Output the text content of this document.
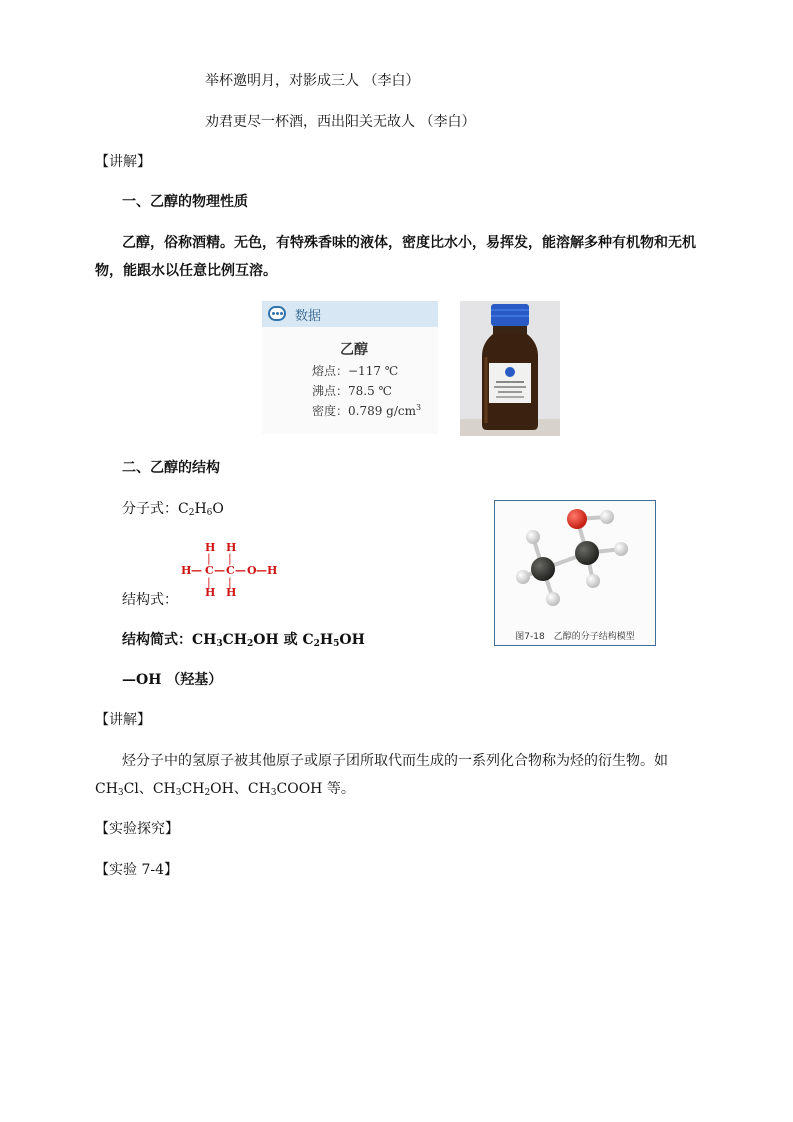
举杯邀明月，对影成三人 （李白）
劝君更尽一杯酒，西出阳关无故人 （李白）
【讲解】
一、乙醇的物理性质
乙醇，俗称酒精。无色，有特殊香味的液体，密度比水小，易挥发，能溶解多种有机物和无机
物，能跟水以任意比例互溶。
数据
乙醇
熔点：−117 ℃
沸点：78.5 ℃
密度：0.789 $g/cm^3$
二、乙醇的结构
分子式：$C_2H_6O$
H H
| |
H — C — C — O — H
| |
H H
结构式：
结构简式：$CH_3CH_2OH$ 或 $C_2H_5OH$	图7-18　乙醇的分子结构模型
—OH （羟基）
【讲解】
烃分子中的氢原子被其他原子或原子团所取代而生成的一系列化合物称为烃的衍生物。如
$CH_3Cl$、$CH_3CH_2OH$、$CH_3COOH$ 等。
【实验探究】
【实验 7-4】
